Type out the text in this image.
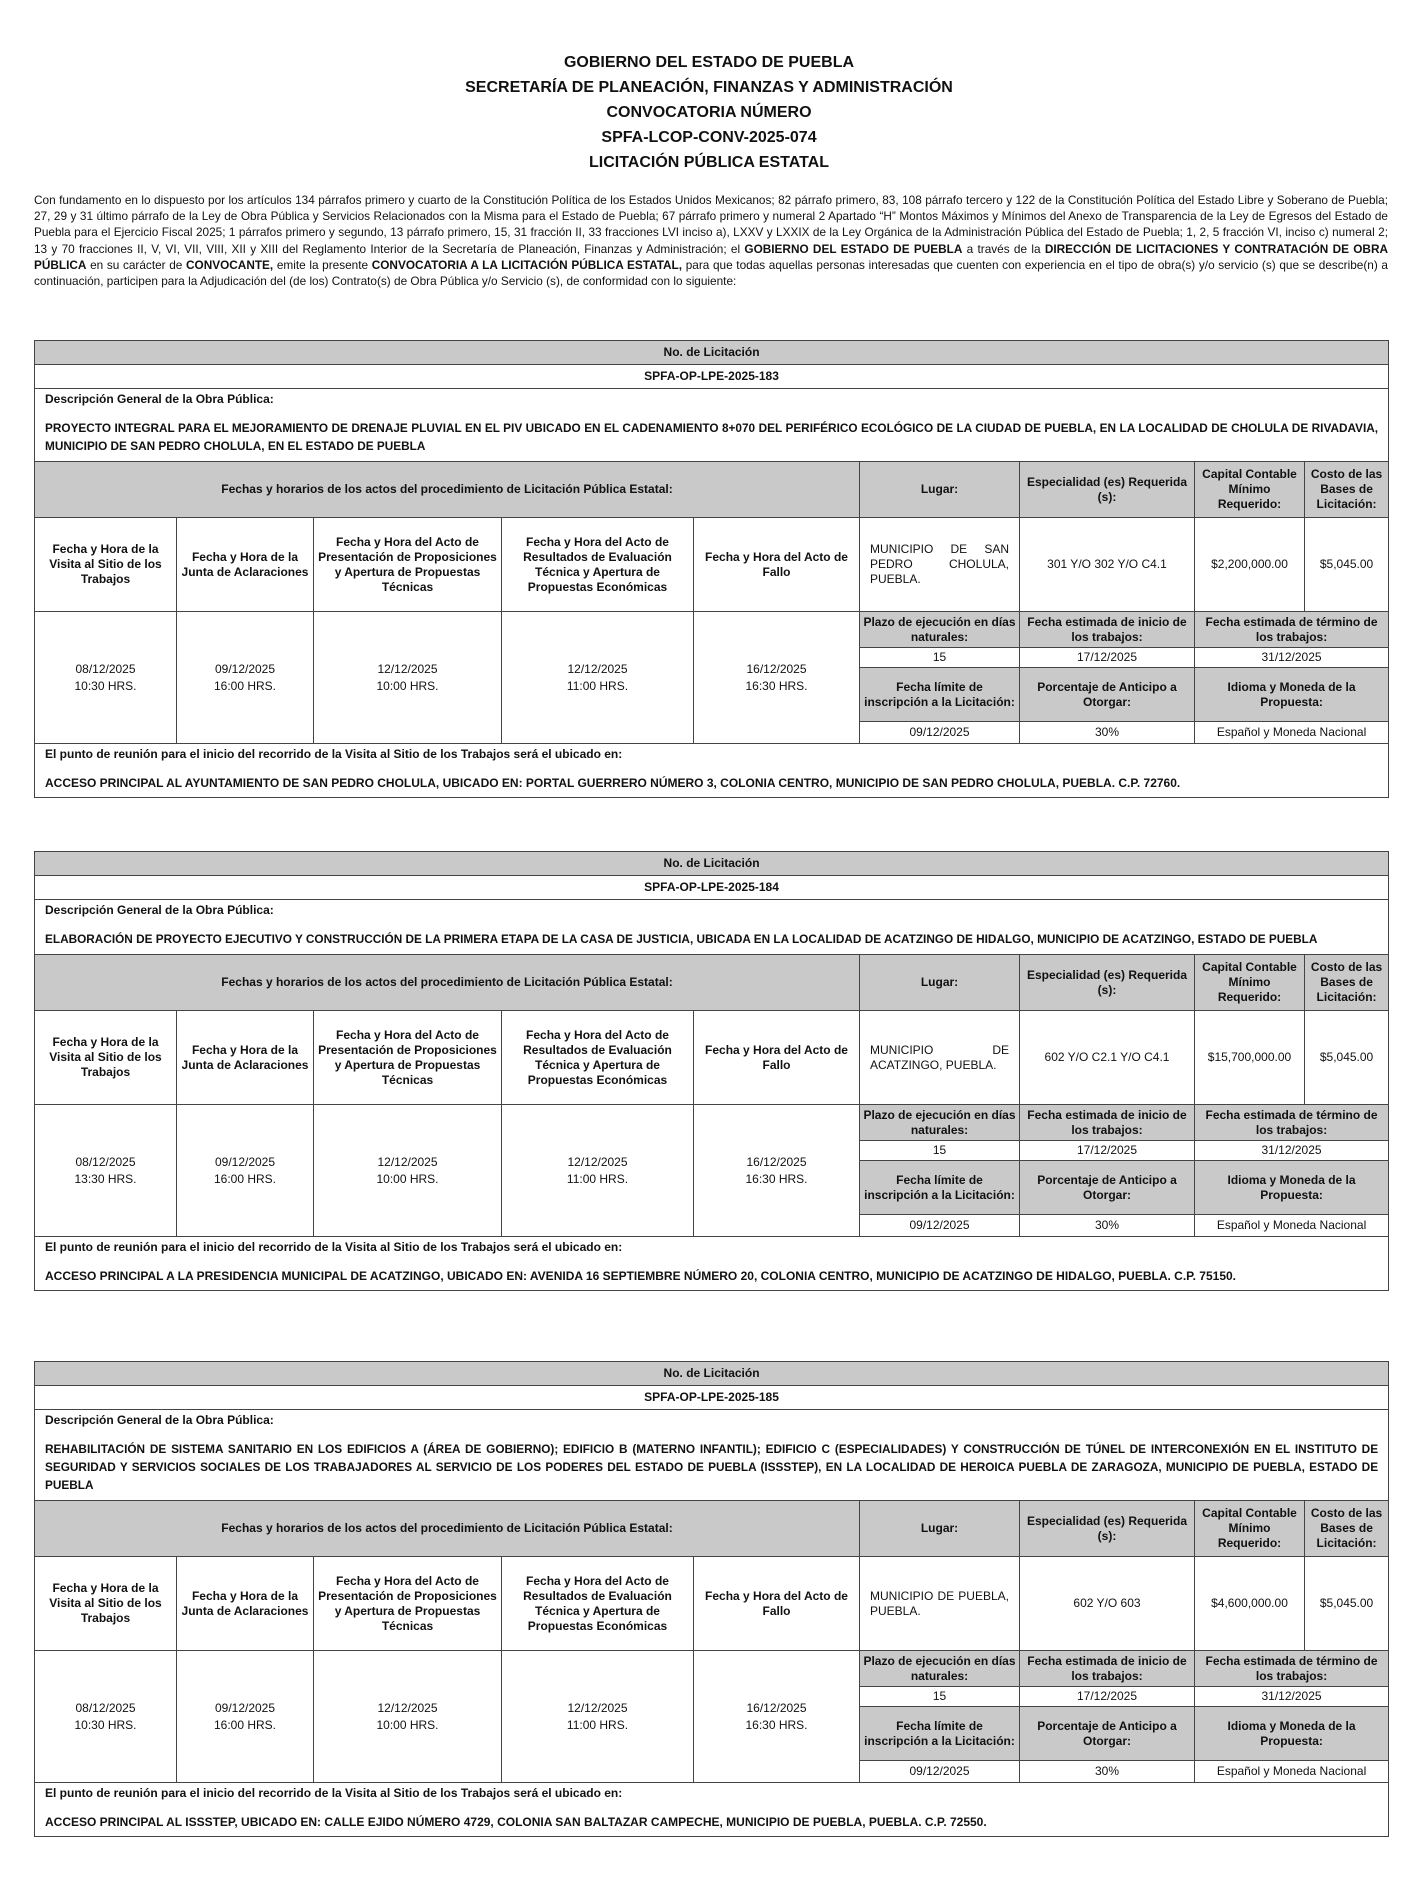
GOBIERNO DEL ESTADO DE PUEBLA
SECRETARÍA DE PLANEACIÓN, FINANZAS Y ADMINISTRACIÓN
CONVOCATORIA NÚMERO
SPFA-LCOP-CONV-2025-074
LICITACIÓN PÚBLICA ESTATAL
Con fundamento en lo dispuesto por los artículos 134 párrafos primero y cuarto de la Constitución Política de los Estados Unidos Mexicanos; 82 párrafo primero, 83, 108 párrafo tercero y 122 de la Constitución Política del Estado Libre y Soberano de Puebla; 27, 29 y 31 último párrafo de la Ley de Obra Pública y Servicios Relacionados con la Misma para el Estado de Puebla; 67 párrafo primero y numeral 2 Apartado “H” Montos Máximos y Mínimos del Anexo de Transparencia de la Ley de Egresos del Estado de Puebla para el Ejercicio Fiscal 2025; 1 párrafos primero y segundo, 13 párrafo primero, 15, 31 fracción II, 33 fracciones LVI inciso a), LXXV y LXXIX de la Ley Orgánica de la Administración Pública del Estado de Puebla; 1, 2, 5 fracción VI, inciso c) numeral 2; 13 y 70 fracciones II, V, VI, VII, VIII, XII y XIII del Reglamento Interior de la Secretaría de Planeación, Finanzas y Administración; el GOBIERNO DEL ESTADO DE PUEBLA a través de la DIRECCIÓN DE LICITACIONES Y CONTRATACIÓN DE OBRA PÚBLICA en su carácter de CONVOCANTE, emite la presente CONVOCATORIA A LA LICITACIÓN PÚBLICA ESTATAL, para que todas aquellas personas interesadas que cuenten con experiencia en el tipo de obra(s) y/o servicio (s) que se describe(n) a continuación, participen para la Adjudicación del (de los) Contrato(s) de Obra Pública y/o Servicio (s), de conformidad con lo siguiente:
No. de Licitación								
SPFA-OP-LPE-2025-183								
Descripción General de la Obra Pública:								
PROYECTO INTEGRAL PARA EL MEJORAMIENTO DE DRENAJE PLUVIAL EN EL PIV UBICADO EN EL CADENAMIENTO 8+070 DEL PERIFÉRICO ECOLÓGICO DE LA CIUDAD DE PUEBLA, EN LA LOCALIDAD DE CHOLULA DE RIVADAVIA, MUNICIPIO DE SAN PEDRO CHOLULA, EN EL ESTADO DE PUEBLA								
Fechas y horarios de los actos del procedimiento de Licitación Pública Estatal:					Lugar:	Especialidad (es) Requerida (s):	Capital Contable Mínimo Requerido:	Costo de las Bases de Licitación:
Fecha y Hora de la Visita al Sitio de los Trabajos	Fecha y Hora de la Junta de Aclaraciones	Fecha y Hora del Acto de Presentación de Proposiciones y Apertura de Propuestas Técnicas	Fecha y Hora del Acto de Resultados de Evaluación Técnica y Apertura de Propuestas Económicas	Fecha y Hora del Acto de Fallo	MUNICIPIO DE SAN PEDRO CHOLULA, PUEBLA.	301 Y/O 302 Y/O C4.1	$2,200,000.00	$5,045.00
08/12/2025
10:30 HRS.	09/12/2025
16:00 HRS.	12/12/2025
10:00 HRS.	12/12/2025
11:00 HRS.	16/12/2025
16:30 HRS.	Plazo de ejecución en días naturales:	Fecha estimada de inicio de los trabajos:	Fecha estimada de término de los trabajos:	
					15	17/12/2025	31/12/2025	
					Fecha límite de inscripción a la Licitación:	Porcentaje de Anticipo a Otorgar:	Idioma y Moneda de la Propuesta:	
					09/12/2025	30%	Español y Moneda Nacional	
El punto de reunión para el inicio del recorrido de la Visita al Sitio de los Trabajos será el ubicado en:								
ACCESO PRINCIPAL AL AYUNTAMIENTO DE SAN PEDRO CHOLULA, UBICADO EN: PORTAL GUERRERO NÚMERO 3, COLONIA CENTRO, MUNICIPIO DE SAN PEDRO CHOLULA, PUEBLA. C.P. 72760.								
No. de Licitación								
SPFA-OP-LPE-2025-184								
Descripción General de la Obra Pública:								
ELABORACIÓN DE PROYECTO EJECUTIVO Y CONSTRUCCIÓN DE LA PRIMERA ETAPA DE LA CASA DE JUSTICIA, UBICADA EN LA LOCALIDAD DE ACATZINGO DE HIDALGO, MUNICIPIO DE ACATZINGO, ESTADO DE PUEBLA								
Fechas y horarios de los actos del procedimiento de Licitación Pública Estatal:					Lugar:	Especialidad (es) Requerida (s):	Capital Contable Mínimo Requerido:	Costo de las Bases de Licitación:
Fecha y Hora de la Visita al Sitio de los Trabajos	Fecha y Hora de la Junta de Aclaraciones	Fecha y Hora del Acto de Presentación de Proposiciones y Apertura de Propuestas Técnicas	Fecha y Hora del Acto de Resultados de Evaluación Técnica y Apertura de Propuestas Económicas	Fecha y Hora del Acto de Fallo	MUNICIPIO DE ACATZINGO, PUEBLA.	602 Y/O C2.1 Y/O C4.1	$15,700,000.00	$5,045.00
08/12/2025
13:30 HRS.	09/12/2025
16:00 HRS.	12/12/2025
10:00 HRS.	12/12/2025
11:00 HRS.	16/12/2025
16:30 HRS.	Plazo de ejecución en días naturales:	Fecha estimada de inicio de los trabajos:	Fecha estimada de término de los trabajos:	
					15	17/12/2025	31/12/2025	
					Fecha límite de inscripción a la Licitación:	Porcentaje de Anticipo a Otorgar:	Idioma y Moneda de la Propuesta:	
					09/12/2025	30%	Español y Moneda Nacional	
El punto de reunión para el inicio del recorrido de la Visita al Sitio de los Trabajos será el ubicado en:								
ACCESO PRINCIPAL A LA PRESIDENCIA MUNICIPAL DE ACATZINGO, UBICADO EN: AVENIDA 16 SEPTIEMBRE NÚMERO 20, COLONIA CENTRO, MUNICIPIO DE ACATZINGO DE HIDALGO, PUEBLA. C.P. 75150.								
No. de Licitación								
SPFA-OP-LPE-2025-185								
Descripción General de la Obra Pública:								
REHABILITACIÓN DE SISTEMA SANITARIO EN LOS EDIFICIOS A (ÁREA DE GOBIERNO); EDIFICIO B (MATERNO INFANTIL); EDIFICIO C (ESPECIALIDADES) Y CONSTRUCCIÓN DE TÚNEL DE INTERCONEXIÓN EN EL INSTITUTO DE SEGURIDAD Y SERVICIOS SOCIALES DE LOS TRABAJADORES AL SERVICIO DE LOS PODERES DEL ESTADO DE PUEBLA (ISSSTEP), EN LA LOCALIDAD DE HEROICA PUEBLA DE ZARAGOZA, MUNICIPIO DE PUEBLA, ESTADO DE PUEBLA								
Fechas y horarios de los actos del procedimiento de Licitación Pública Estatal:					Lugar:	Especialidad (es) Requerida (s):	Capital Contable Mínimo Requerido:	Costo de las Bases de Licitación:
Fecha y Hora de la Visita al Sitio de los Trabajos	Fecha y Hora de la Junta de Aclaraciones	Fecha y Hora del Acto de Presentación de Proposiciones y Apertura de Propuestas Técnicas	Fecha y Hora del Acto de Resultados de Evaluación Técnica y Apertura de Propuestas Económicas	Fecha y Hora del Acto de Fallo	MUNICIPIO DE PUEBLA, PUEBLA.	602 Y/O 603	$4,600,000.00	$5,045.00
08/12/2025
10:30 HRS.	09/12/2025
16:00 HRS.	12/12/2025
10:00 HRS.	12/12/2025
11:00 HRS.	16/12/2025
16:30 HRS.	Plazo de ejecución en días naturales:	Fecha estimada de inicio de los trabajos:	Fecha estimada de término de los trabajos:	
					15	17/12/2025	31/12/2025	
					Fecha límite de inscripción a la Licitación:	Porcentaje de Anticipo a Otorgar:	Idioma y Moneda de la Propuesta:	
					09/12/2025	30%	Español y Moneda Nacional	
El punto de reunión para el inicio del recorrido de la Visita al Sitio de los Trabajos será el ubicado en:								
ACCESO PRINCIPAL AL ISSSTEP, UBICADO EN: CALLE EJIDO NÚMERO 4729, COLONIA SAN BALTAZAR CAMPECHE, MUNICIPIO DE PUEBLA, PUEBLA. C.P. 72550.								
